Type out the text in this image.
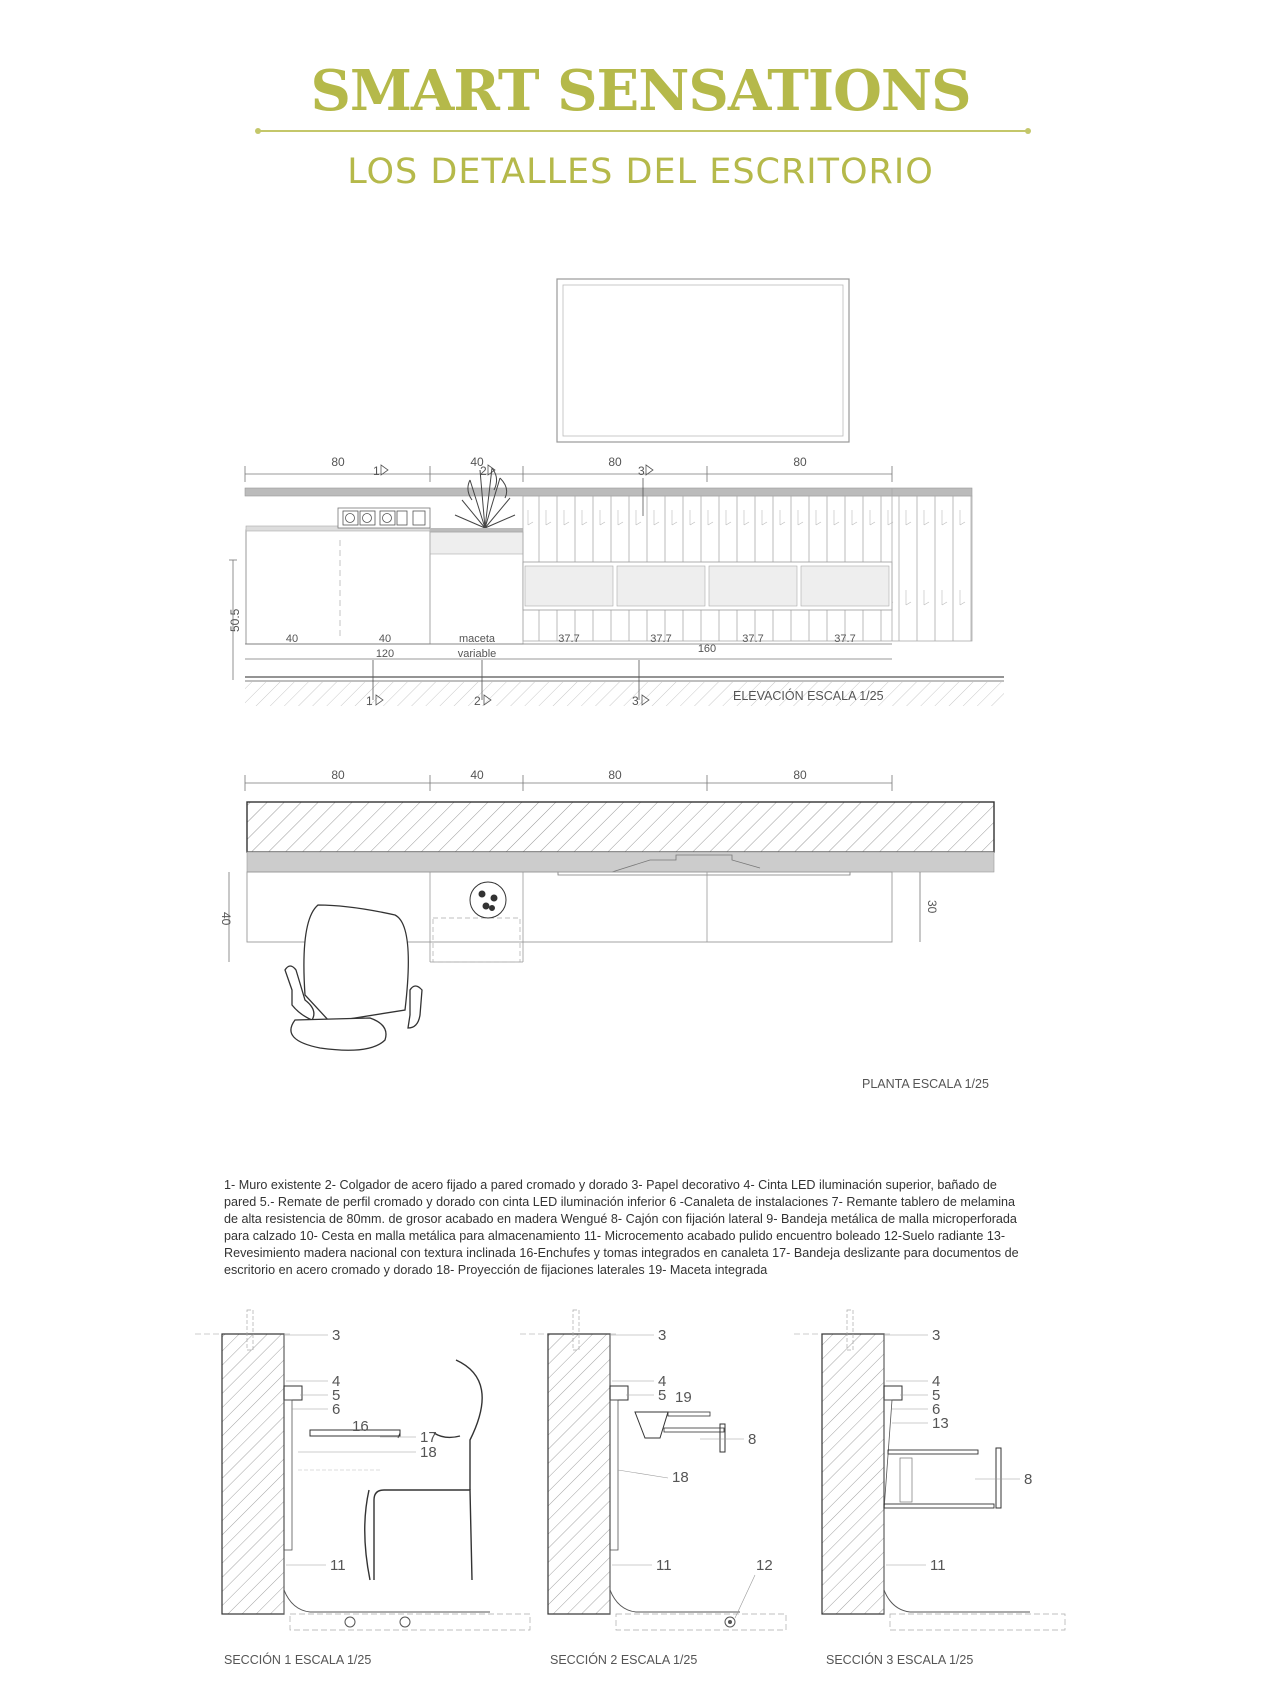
SMART SENSATIONS
LOS DETALLES DEL ESCRITORIO
80	40	80	80
1	2	3
50.5
40	40	maceta	37.7	37.7	37.7	37.7
variable
120	160
1	2	3	ELEVACIÓN ESCALA 1/25
80	40	80	80
40
30
PLANTA ESCALA 1/25
1- Muro existente 2- Colgador de acero fijado a pared cromado y dorado 3- Papel decorativo 4- Cinta LED iluminación superior, bañado de pared 5.- Remate de perfil cromado y dorado con cinta LED iluminación inferior 6 -Canaleta de instalaciones 7- Remante tablero de melamina de alta resistencia de 80mm. de grosor acabado en madera Wengué 8- Cajón con fijación lateral 9- Bandeja metálica de malla microperforada para calzado 10- Cesta en malla metálica para almacenamiento 11- Microcemento acabado pulido encuentro boleado 12-Suelo radiante 13- Revesimiento madera nacional con textura inclinada 16-Enchufes y tomas integrados en canaleta 17- Bandeja deslizante para documentos de escritorio en acero cromado y dorado 18- Proyección de fijaciones laterales 19- Maceta integrada
3
4
5
6
16
17
18
11
SECCIÓN 1 ESCALA 1/25
3
4
5 19
8
18
11	12
SECCIÓN 2 ESCALA 1/25
3
4
5
6
13
8
11
SECCIÓN 3 ESCALA 1/25
